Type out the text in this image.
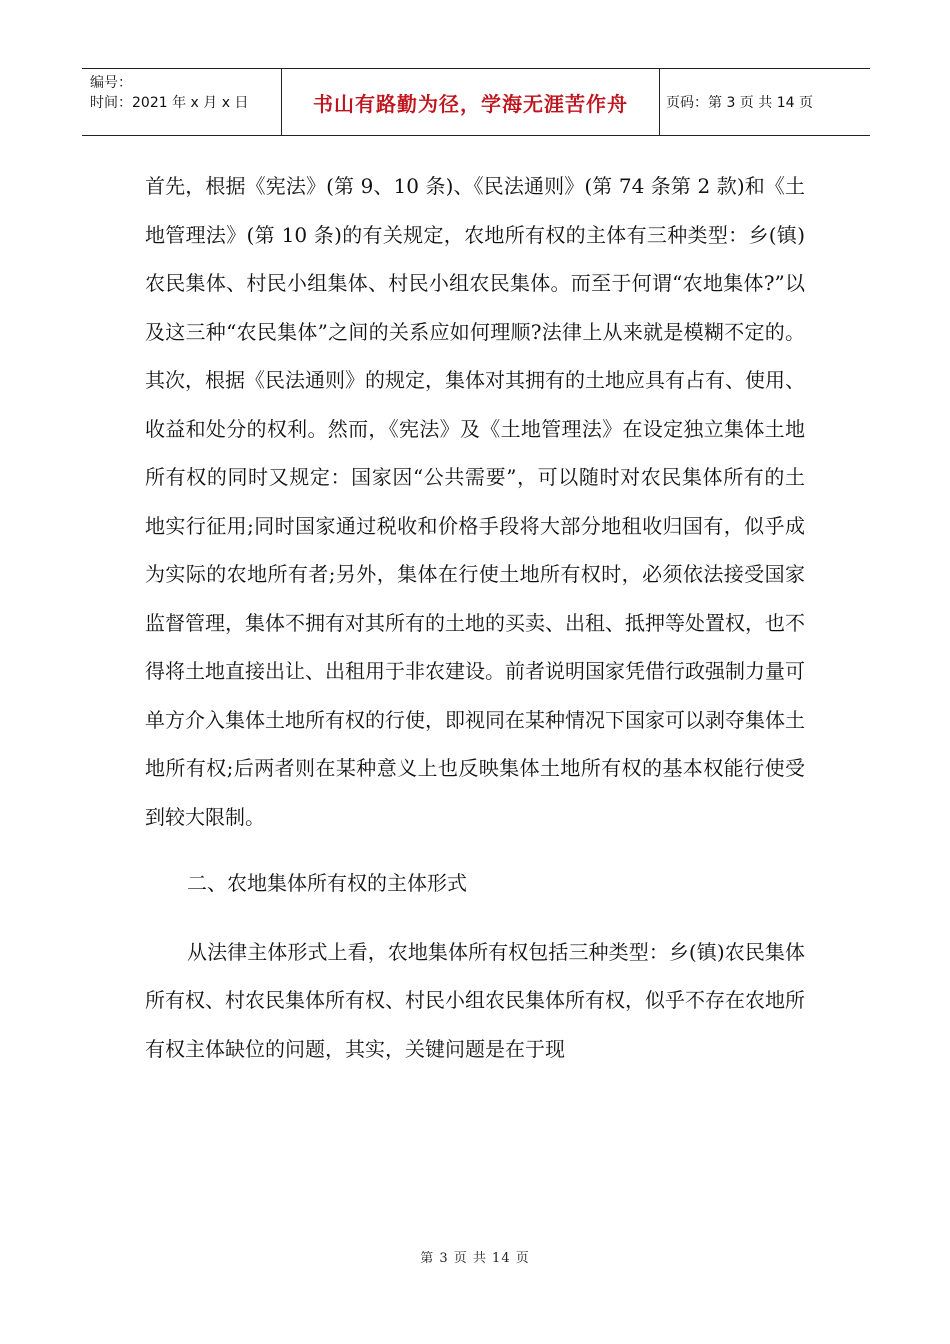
编号：
时间：2021 年 x 月 x 日	书山有路勤为径，学海无涯苦作舟	页码：第 3 页 共 14 页

首先，根据《宪法》(第 9、10 条)、《民法通则》(第 74 条第 2 款)和《土地管理法》(第 10 条)的有关规定，农地所有权的主体有三种类型：乡(镇)农民集体、村民小组集体、村民小组农民集体。而至于何谓“农地集体?”以及这三种“农民集体”之间的关系应如何理顺?法律上从来就是模糊不定的。其次，根据《民法通则》的规定，集体对其拥有的土地应具有占有、使用、收益和处分的权利。然而，《宪法》及《土地管理法》在设定独立集体土地所有权的同时又规定：国家因“公共需要”，可以随时对农民集体所有的土地实行征用;同时国家通过税收和价格手段将大部分地租收归国有，似乎成为实际的农地所有者;另外，集体在行使土地所有权时，必须依法接受国家监督管理，集体不拥有对其所有的土地的买卖、出租、抵押等处置权，也不得将土地直接出让、出租用于非农建设。前者说明国家凭借行政强制力量可单方介入集体土地所有权的行使，即视同在某种情况下国家可以剥夺集体土地所有权;后两者则在某种意义上也反映集体土地所有权的基本权能行使受到较大限制。

二、农地集体所有权的主体形式

从法律主体形式上看，农地集体所有权包括三种类型：乡(镇)农民集体所有权、村农民集体所有权、村民小组农民集体所有权，似乎不存在农地所有权主体缺位的问题，其实，关键问题是在于现

第 3 页 共 14 页
